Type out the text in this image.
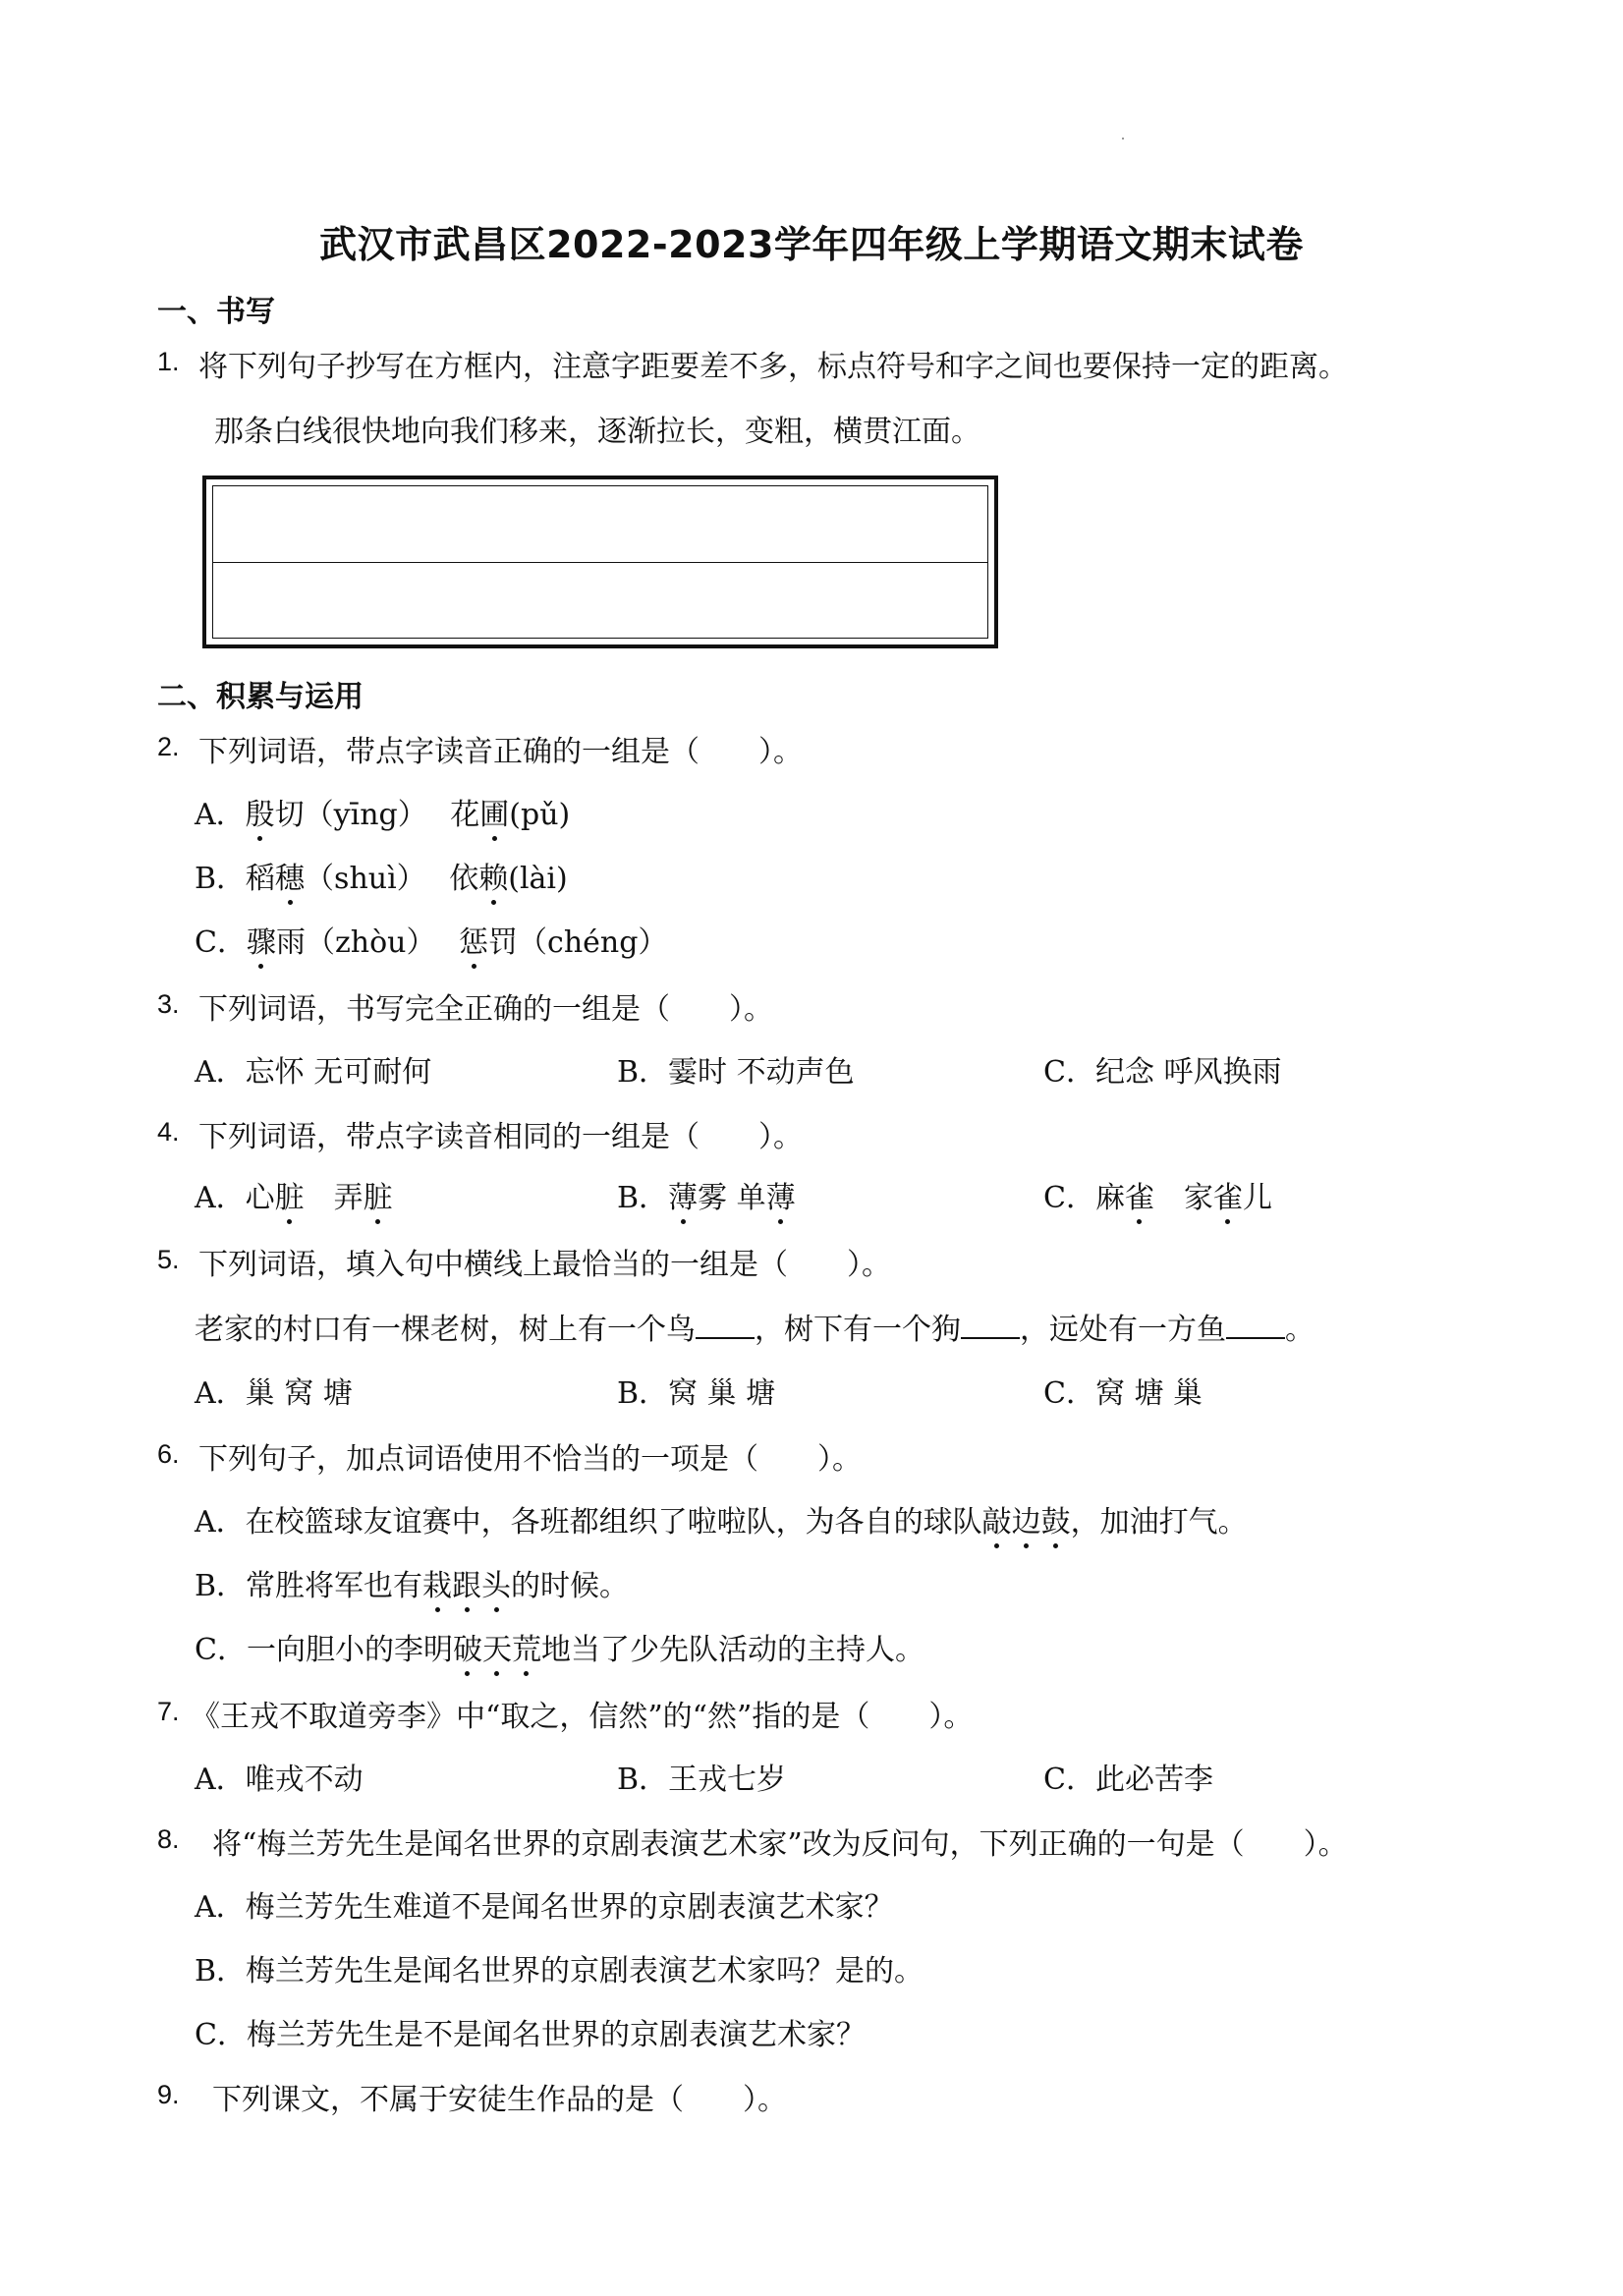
武汉市武昌区2022-2023学年四年级上学期语文期末试卷
一、书写
1. 将下列句子抄写在方框内，注意字距要差不多，标点符号和字之间也要保持一定的距离。
那条白线很快地向我们移来，逐渐拉长，变粗，横贯江面。
二、积累与运用
2. 下列词语，带点字读音正确的一组是（　　）。
A．殷切（yīng） 花圃(pǔ)
B．稻穗（shuì） 依赖(lài)
C．骤雨（zhòu） 惩罚（chéng）
3. 下列词语，书写完全正确的一组是（　　）。
A．忘怀 无可耐何	B．霎时 不动声色	C．纪念 呼风换雨
4. 下列词语，带点字读音相同的一组是（　　）。
A．心脏　 弄脏	B．薄雾 单薄	C．麻雀　 家雀儿
5. 下列词语，填入句中横线上最恰当的一组是（　　）。
老家的村口有一棵老树，树上有一个鸟 ，树下有一个狗 ，远处有一方鱼 。
A．巢 窝 塘	B．窝 巢 塘	C．窝 塘 巢
6. 下列句子，加点词语使用不恰当的一项是（　　）。
A．在校篮球友谊赛中，各班都组织了啦啦队，为各自的球队敲边鼓，加油打气。
B．常胜将军也有栽跟头的时候。
C．一向胆小的李明破天荒地当了少先队活动的主持人。
7. 《王戎不取道旁李》中“取之，信然”的“然”指的是（　　）。
A．唯戎不动	B．王戎七岁	C．此必苦李
8. 将“梅兰芳先生是闻名世界的京剧表演艺术家”改为反问句，下列正确的一句是（　　）。
A．梅兰芳先生难道不是闻名世界的京剧表演艺术家？
B．梅兰芳先生是闻名世界的京剧表演艺术家吗？是的。
C．梅兰芳先生是不是闻名世界的京剧表演艺术家？
9. 下列课文，不属于安徒生作品的是（　　）。
